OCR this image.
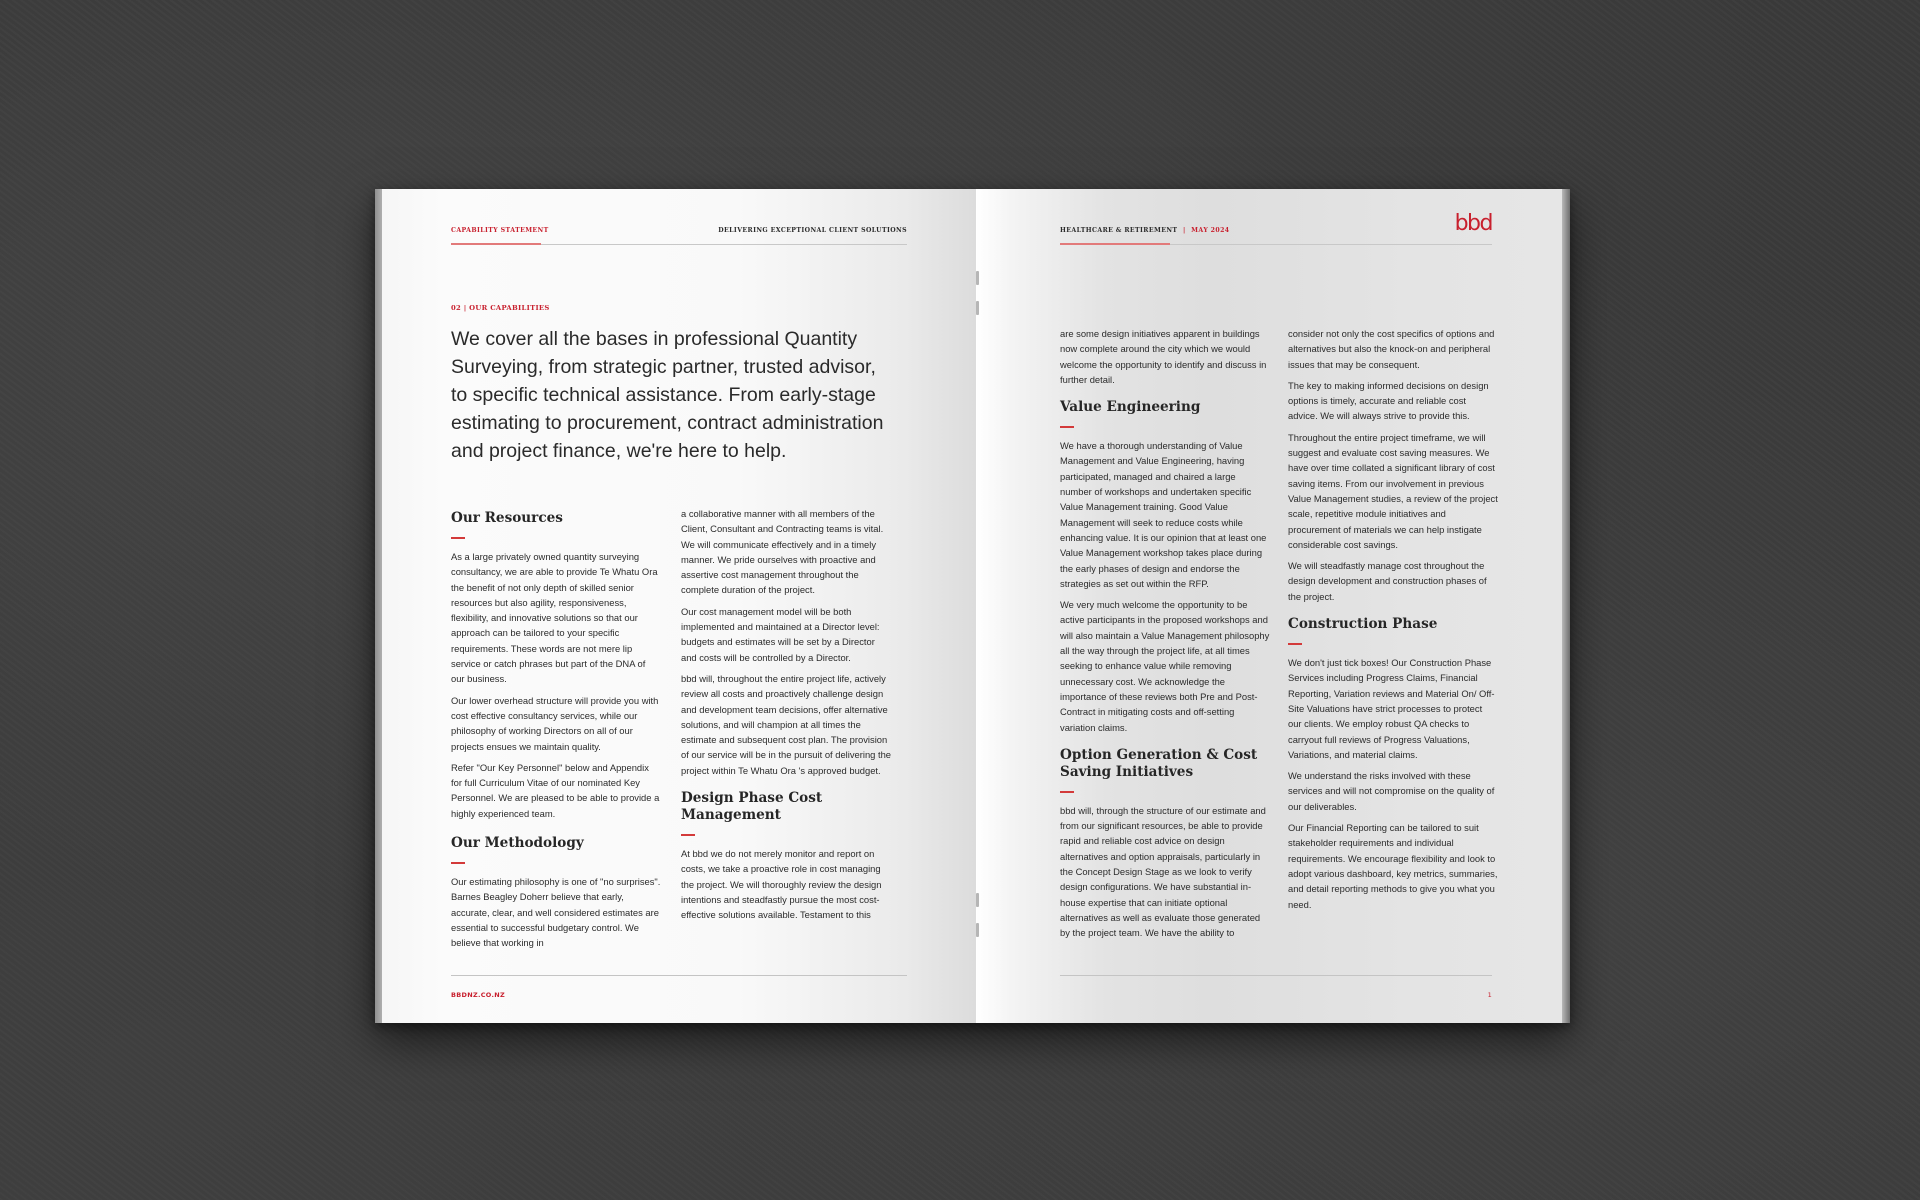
CAPABILITY STATEMENT	DELIVERING EXCEPTIONAL CLIENT SOLUTIONS
02 | OUR CAPABILITIES
We cover all the bases in professional Quantity Surveying, from strategic partner, trusted advisor, to specific technical assistance. From early-stage estimating to procurement, contract administration and project finance, we're here to help.
Our Resources

As a large privately owned quantity surveying consultancy, we are able to provide Te Whatu Ora the benefit of not only depth of skilled senior resources but also agility, responsiveness, flexibility, and innovative solutions so that our approach can be tailored to your specific requirements. These words are not mere lip service or catch phrases but part of the DNA of our business.

Our lower overhead structure will provide you with cost effective consultancy services, while our philosophy of working Directors on all of our projects ensues we maintain quality.

Refer "Our Key Personnel" below and Appendix for full Curriculum Vitae of our nominated Key Personnel. We are pleased to be able to provide a highly experienced team.

Our Methodology

Our estimating philosophy is one of "no surprises". Barnes Beagley Doherr believe that early, accurate, clear, and well considered estimates are essential to successful budgetary control. We believe that working in

a collaborative manner with all members of the Client, Consultant and Contracting teams is vital. We will communicate effectively and in a timely manner. We pride ourselves with proactive and assertive cost management throughout the complete duration of the project.

Our cost management model will be both implemented and maintained at a Director level: budgets and estimates will be set by a Director and costs will be controlled by a Director.

bbd will, throughout the entire project life, actively review all costs and proactively challenge design and development team decisions, offer alternative solutions, and will champion at all times the estimate and subsequent cost plan. The provision of our service will be in the pursuit of delivering the project within Te Whatu Ora 's approved budget.

Design Phase Cost Management

At bbd we do not merely monitor and report on costs, we take a proactive role in cost managing the project. We will thoroughly review the design intentions and steadfastly pursue the most cost-effective solutions available. Testament to this

BBDNZ.CO.NZ
HEALTHCARE & RETIREMENT | MAY 2024	bbd

are some design initiatives apparent in buildings now complete around the city which we would welcome the opportunity to identify and discuss in further detail.

Value Engineering

We have a thorough understanding of Value Management and Value Engineering, having participated, managed and chaired a large number of workshops and undertaken specific Value Management training. Good Value Management will seek to reduce costs while enhancing value. It is our opinion that at least one Value Management workshop takes place during the early phases of design and endorse the strategies as set out within the RFP.

We very much welcome the opportunity to be active participants in the proposed workshops and will also maintain a Value Management philosophy all the way through the project life, at all times seeking to enhance value while removing unnecessary cost. We acknowledge the importance of these reviews both Pre and Post-Contract in mitigating costs and off-setting variation claims.

Option Generation & Cost Saving Initiatives

bbd will, through the structure of our estimate and from our significant resources, be able to provide rapid and reliable cost advice on design alternatives and option appraisals, particularly in the Concept Design Stage as we look to verify design configurations. We have substantial in-house expertise that can initiate optional alternatives as well as evaluate those generated by the project team. We have the ability to

consider not only the cost specifics of options and alternatives but also the knock-on and peripheral issues that may be consequent.

The key to making informed decisions on design options is timely, accurate and reliable cost advice. We will always strive to provide this.

Throughout the entire project timeframe, we will suggest and evaluate cost saving measures. We have over time collated a significant library of cost saving items. From our involvement in previous Value Management studies, a review of the project scale, repetitive module initiatives and procurement of materials we can help instigate considerable cost savings.

We will steadfastly manage cost throughout the design development and construction phases of the project.

Construction Phase

We don't just tick boxes! Our Construction Phase Services including Progress Claims, Financial Reporting, Variation reviews and Material On/ Off-Site Valuations have strict processes to protect our clients. We employ robust QA checks to carryout full reviews of Progress Valuations, Variations, and material claims.

We understand the risks involved with these services and will not compromise on the quality of our deliverables.

Our Financial Reporting can be tailored to suit stakeholder requirements and individual requirements. We encourage flexibility and look to adopt various dashboard, key metrics, summaries, and detail reporting methods to give you what you need.

1
